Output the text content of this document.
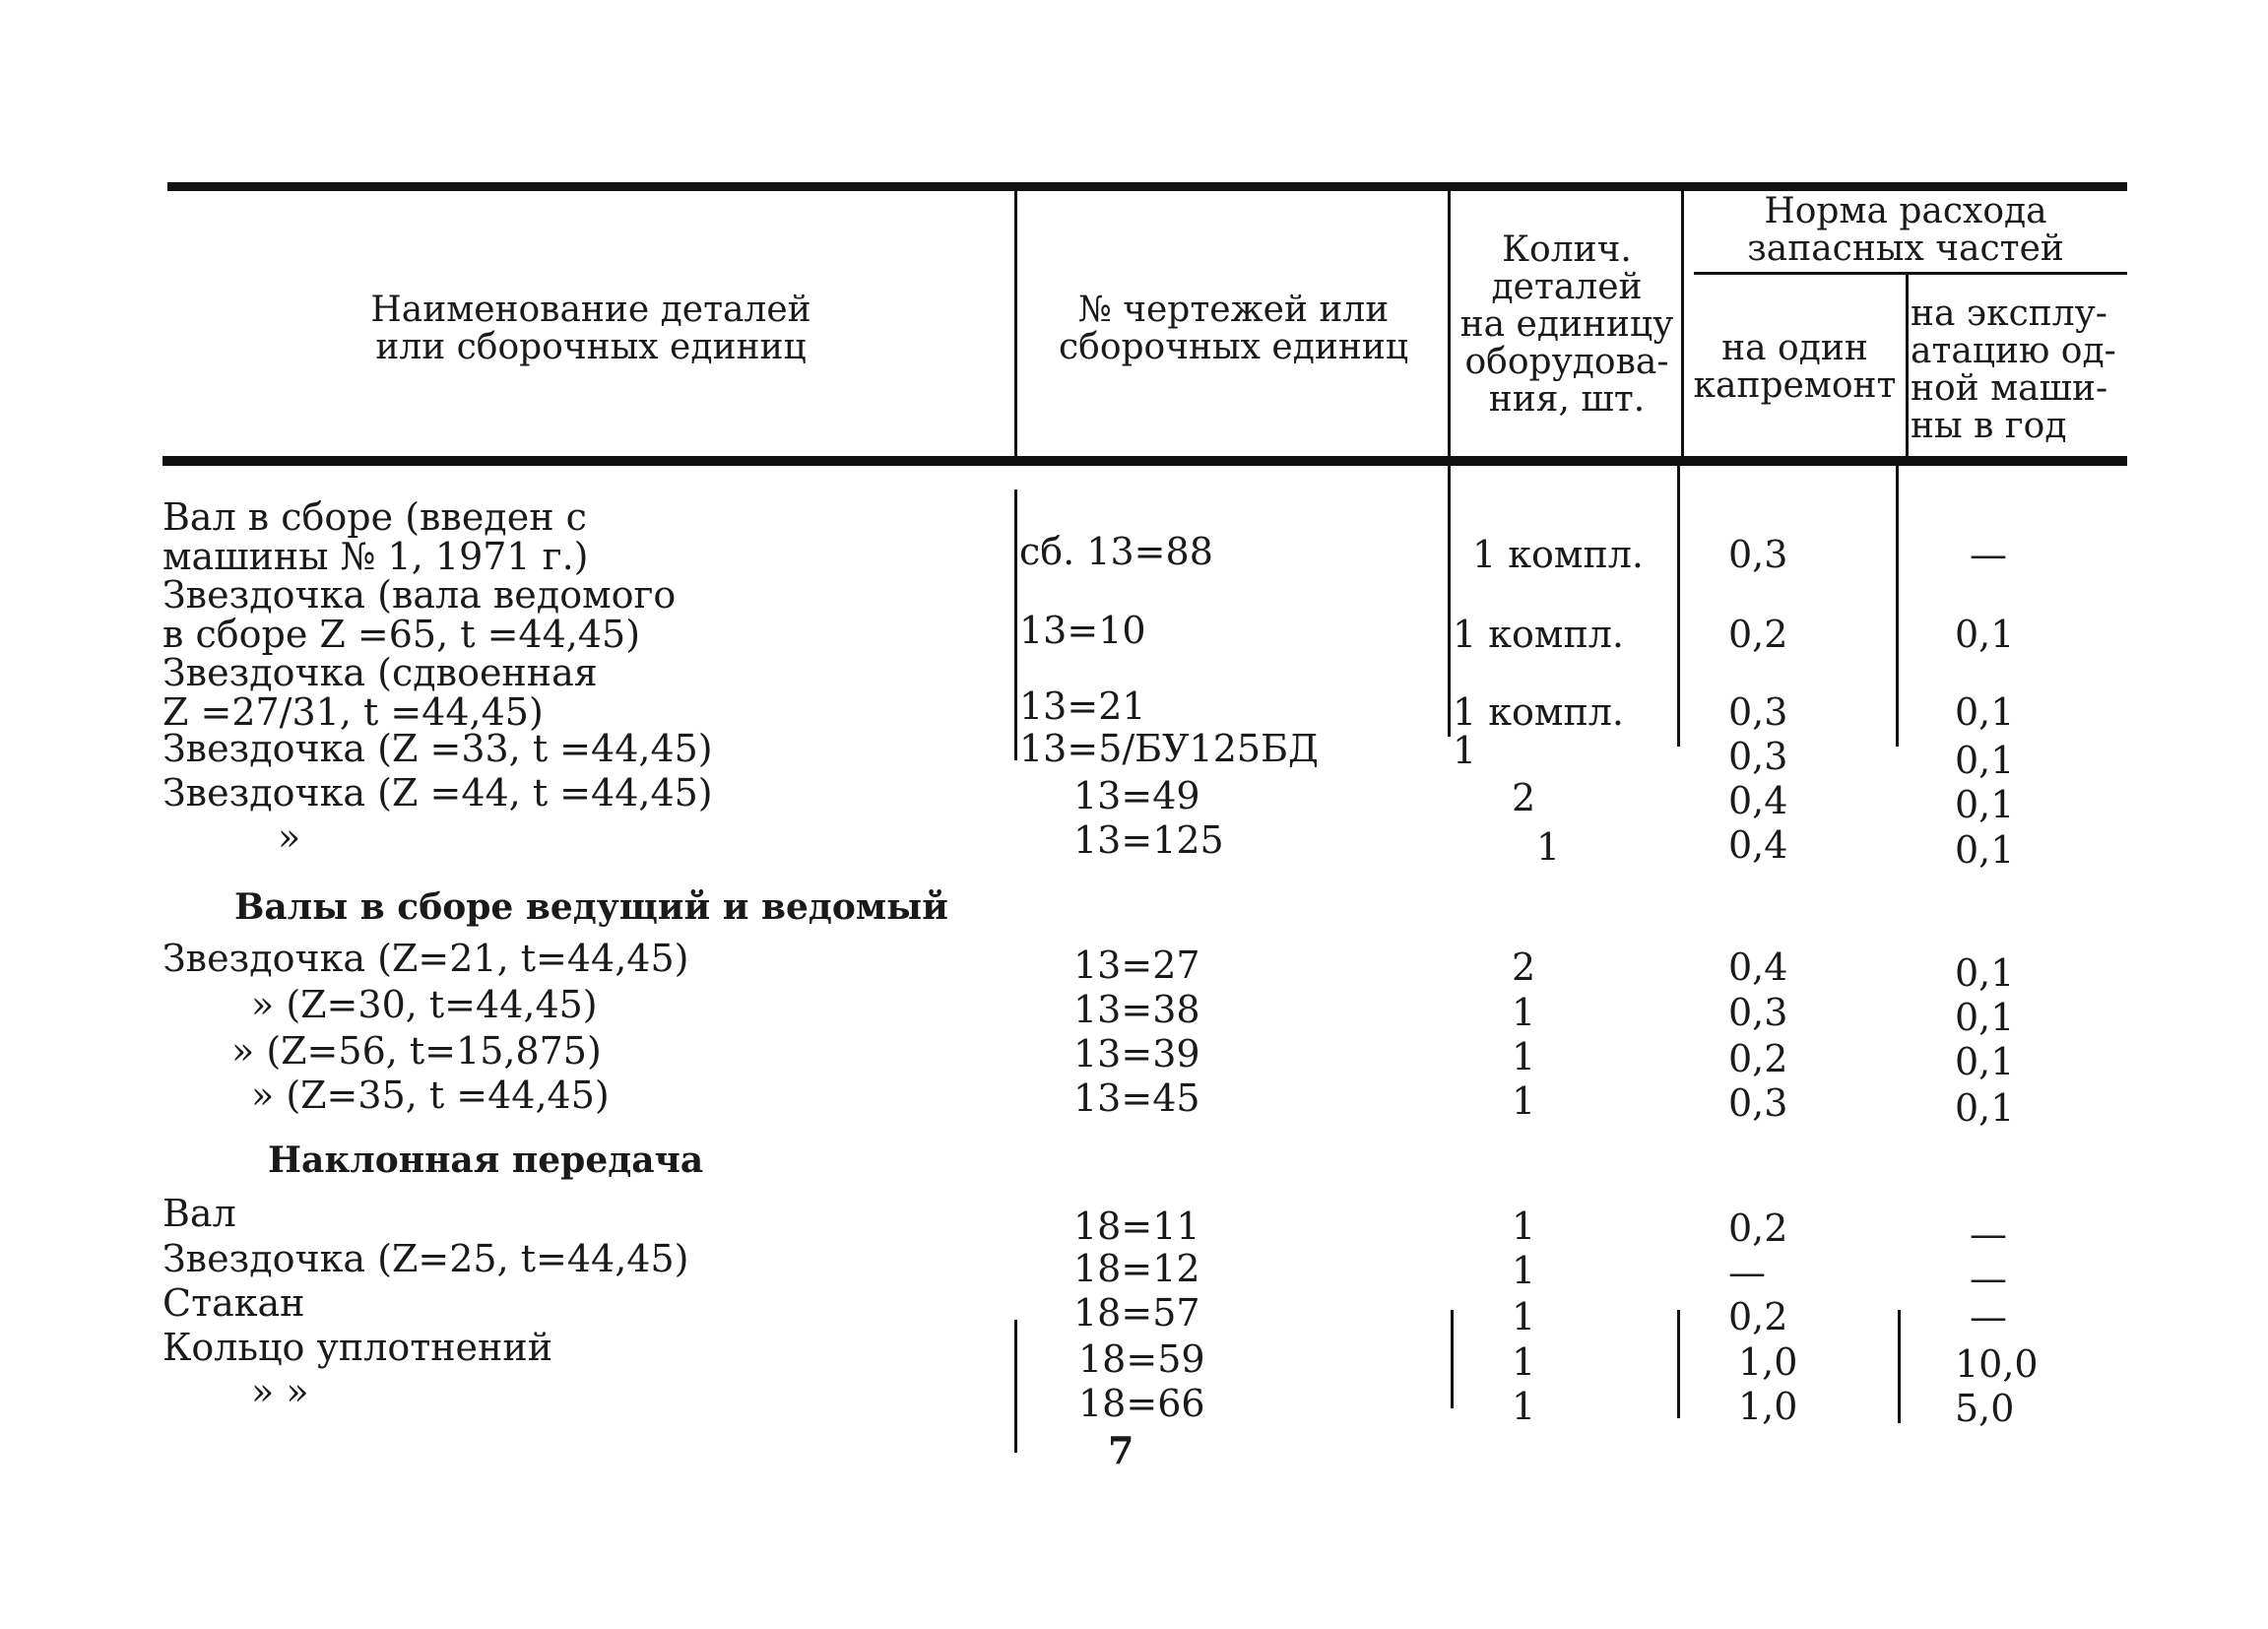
Наименование деталей
или сборочных единиц
№ чертежей или
сборочных единиц
Колич.
деталей
на единицу
оборудова-
ния, шт.
Норма расхода
запасных частей
на один
капремонт
на эксплу-
атацию од-
ной маши-
ны в год
Вал в сборе (введен с
машины № 1, 1971 г.)	сб. 13=88	1 компл. 0,3	—
Звездочка (вала ведомого
в сборе Z =65, t =44,45)	13=10	1 компл.	0,2	0,1
Звездочка (сдвоенная
Z =27/31, t =44,45)	13=21	1 компл.	0,3	0,1
Звездочка (Z =33, t =44,45)	13=5/БУ125БД	1	0,3	0,1
Звездочка (Z =44, t =44,45)	13=49	2	0,4	0,1
»	13=125	1	0,4	0,1
Валы в сборе ведущий и ведомый
Звездочка (Z=21, t=44,45)	13=27	2	0,4	0,1
» (Z=30, t=44,45)	13=38	1	0,3	0,1
» (Z=56, t=15,875)	13=39	1	0,2	0,1
» (Z=35, t =44,45)	13=45	1	0,3	0,1
Наклонная передача
Вал	18=11	1	0,2	—
Звездочка (Z=25, t=44,45)	18=12	1	—	—
Стакан	18=57	1	0,2	—
Кольцо уплотнений	18=59	1	1,0	10,0
» »	18=66	1	1,0	5,0
7
